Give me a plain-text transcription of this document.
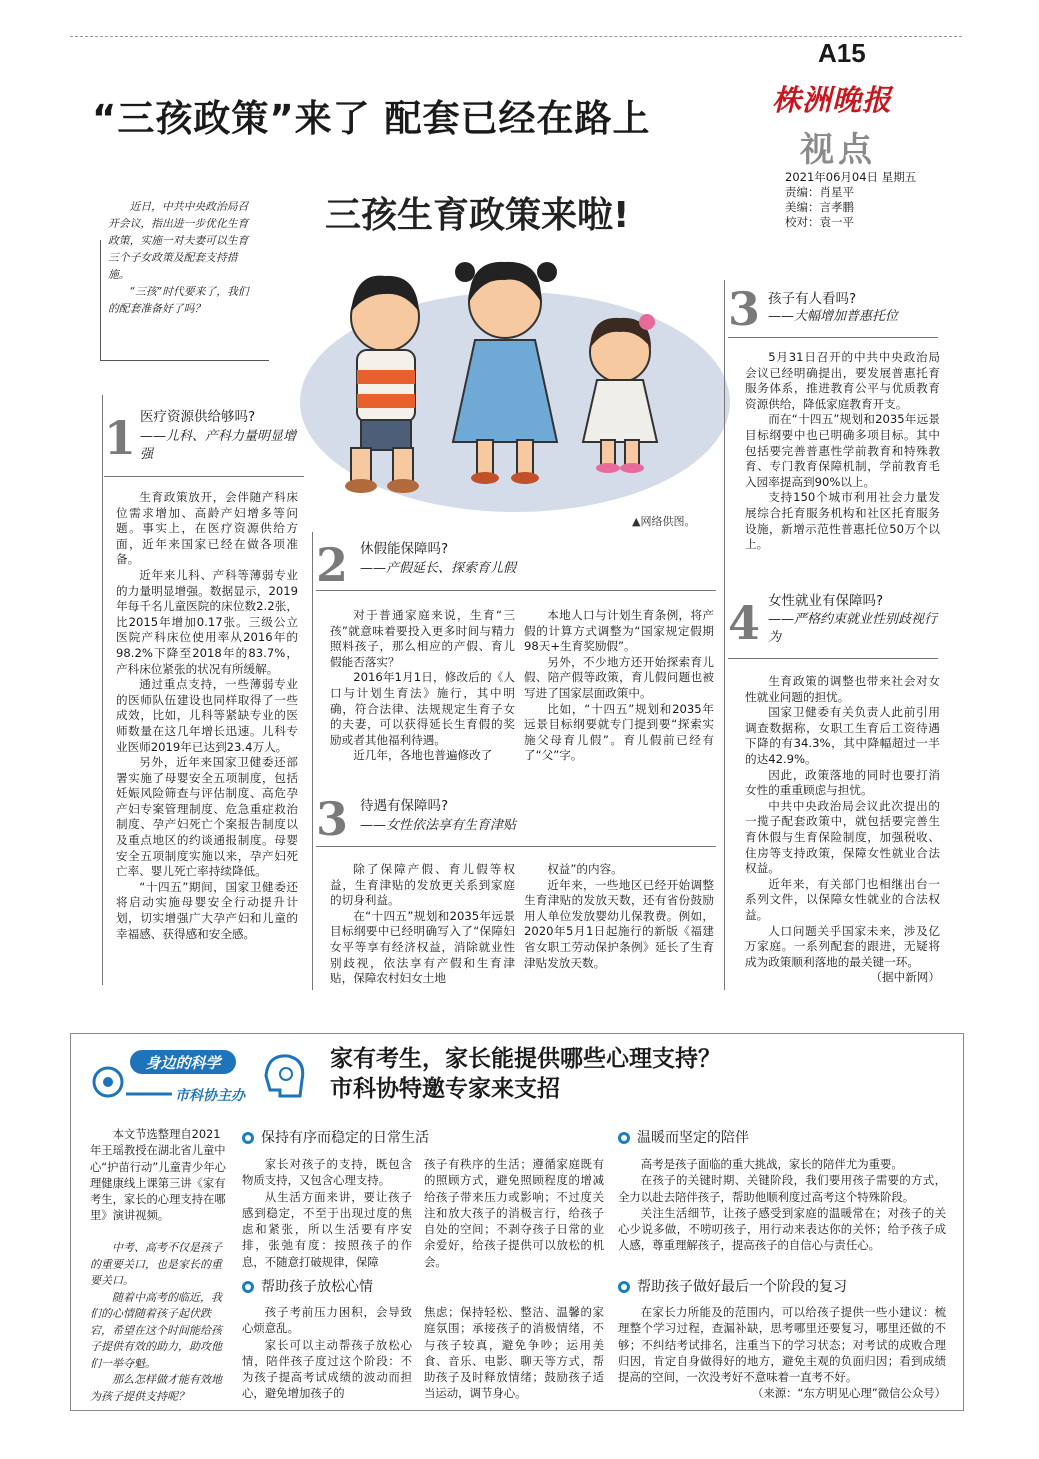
A15
株洲晚报
视点
2021年06月04日 星期五
责编：肖星平
美编：言孝鹏
校对：袁一平
“三孩政策”来了 配套已经在路上
三孩生育政策来啦!
▲网络供图。

近日，中共中央政治局召开会议，指出进一步优化生育政策，实施一对夫妻可以生育三个子女政策及配套支持措施。

“三孩”时代要来了，我们的配套准备好了吗？

1 医疗资源供给够吗?
——儿科、产科力量明显增强

生育政策放开，会伴随产科床位需求增加、高龄产妇增多等问题。事实上，在医疗资源供给方面，近年来国家已经在做各项准备。

近年来儿科、产科等薄弱专业的力量明显增强。数据显示，2019年每千名儿童医院的床位数2.2张，比2015年增加0.17张。三级公立医院产科床位使用率从2016年的98.2%下降至2018年的83.7%，产科床位紧张的状况有所缓解。

通过重点支持，一些薄弱专业的医师队伍建设也同样取得了一些成效，比如，儿科等紧缺专业的医师数量在这几年增长迅速。儿科专业医师2019年已达到23.4万人。

另外，近年来国家卫健委还部署实施了母婴安全五项制度，包括妊娠风险筛查与评估制度、高危孕产妇专案管理制度、危急重症救治制度、孕产妇死亡个案报告制度以及重点地区的约谈通报制度。母婴安全五项制度实施以来，孕产妇死亡率、婴儿死亡率持续降低。

“十四五”期间，国家卫健委还将启动实施母婴安全行动提升计划，切实增强广大孕产妇和儿童的幸福感、获得感和安全感。

2 休假能保障吗?
——产假延长、探索育儿假

对于普通家庭来说，生育“三孩”就意味着要投入更多时间与精力照料孩子，那么相应的产假、育儿假能否落实？

2016年1月1日，修改后的《人口与计划生育法》施行，其中明确，符合法律、法规规定生育子女的夫妻，可以获得延长生育假的奖励或者其他福利待遇。

近几年，各地也普遍修改了

本地人口与计划生育条例，将产假的计算方式调整为“国家规定假期98天+生育奖励假”。

另外，不少地方还开始探索育儿假、陪产假等政策，育儿假问题也被写进了国家层面政策中。

比如，“十四五”规划和2035年远景目标纲要就专门提到要“探索实施父母育儿假”。育儿假前已经有了“父”字。

3 待遇有保障吗?
——女性依法享有生育津贴

除了保障产假、育儿假等权益，生育津贴的发放更关系到家庭的切身利益。

在“十四五”规划和2035年远景目标纲要中已经明确写入了“保障妇女平等享有经济权益，消除就业性别歧视，依法享有产假和生育津贴，保障农村妇女土地

权益”的内容。

近年来，一些地区已经开始调整生育津贴的发放天数，还有省份鼓励用人单位发放婴幼儿保教费。例如，2020年5月1日起施行的新版《福建省女职工劳动保护条例》延长了生育津贴发放天数。

3 孩子有人看吗?
——大幅增加普惠托位

5月31日召开的中共中央政治局会议已经明确提出，要发展普惠托育服务体系，推进教育公平与优质教育资源供给，降低家庭教育开支。

而在“十四五”规划和2035年远景目标纲要中也已明确多项目标。其中包括要完善普惠性学前教育和特殊教育、专门教育保障机制，学前教育毛入园率提高到90%以上。

支持150个城市利用社会力量发展综合托育服务机构和社区托育服务设施，新增示范性普惠托位50万个以上。

4 女性就业有保障吗?
——严格约束就业性别歧视行为

生育政策的调整也带来社会对女性就业问题的担忧。

国家卫健委有关负责人此前引用调查数据称，女职工生育后工资待遇下降的有34.3%，其中降幅超过一半的达42.9%。

因此，政策落地的同时也要打消女性的重重顾虑与担忧。

中共中央政治局会议此次提出的一揽子配套政策中，就包括要完善生育休假与生育保险制度，加强税收、住房等支持政策，保障女性就业合法权益。

近年来，有关部门也相继出台一系列文件，以保障女性就业的合法权益。

人口问题关乎国家未来，涉及亿万家庭。一系列配套的跟进，无疑将成为政策顺利落地的最关键一环。

（据中新网）
身边的科学
市科协主办
家有考生，家长能提供哪些心理支持？
市科协特邀专家来支招

本文节选整理自2021年王瑶教授在湖北省儿童中心“护苗行动”儿童青少年心理健康线上课第三讲《家有考生，家长的心理支持在哪里》演讲视频。

中考、高考不仅是孩子的重要关口，也是家长的重要关口。

随着中高考的临近，我们的心情随着孩子起伏跌宕，希望在这个时间能给孩子提供有效的助力，助攻他们一举夺魁。

那么怎样做才能有效地为孩子提供支持呢？

保持有序而稳定的日常生活

家长对孩子的支持，既包含物质支持，又包含心理支持。

从生活方面来讲，要让孩子感到稳定，不至于出现过度的焦虑和紧张，所以生活要有序安排，张弛有度：按照孩子的作息，不随意打破规律，保障

孩子有秩序的生活；遵循家庭既有的照顾方式，避免照顾程度的增减给孩子带来压力或影响；不过度关注和放大孩子的消极言行，给孩子自处的空间；不剥夺孩子日常的业余爱好，给孩子提供可以放松的机会。

帮助孩子放松心情

孩子考前压力困积，会导致心烦意乱。

家长可以主动帮孩子放松心情，陪伴孩子度过这个阶段：不为孩子提高考试成绩的波动而担心，避免增加孩子的

焦虑；保持轻松、整洁、温馨的家庭氛围；承接孩子的消极情绪，不与孩子较真，避免争吵；运用美食、音乐、电影、聊天等方式，帮助孩子及时释放情绪；鼓励孩子适当运动，调节身心。

温暖而坚定的陪伴

高考是孩子面临的重大挑战，家长的陪伴尤为重要。

在孩子的关键时期、关键阶段，我们要用孩子需要的方式，全力以赴去陪伴孩子，帮助他顺利度过高考这个特殊阶段。

关注生活细节，让孩子感受到家庭的温暖常在；对孩子的关心少说多做，不唠叨孩子，用行动来表达你的关怀；给予孩子成人感，尊重理解孩子，提高孩子的自信心与责任心。

帮助孩子做好最后一个阶段的复习

在家长力所能及的范围内，可以给孩子提供一些小建议：梳理整个学习过程，查漏补缺，思考哪里还要复习，哪里还做的不够；不纠结考试排名，注重当下的学习状态；对考试的成败合理归因，肯定自身做得好的地方，避免主观的负面归因；看到成绩提高的空间，一次没考好不意味着一直考不好。

（来源：“东方明见心理”微信公众号）
